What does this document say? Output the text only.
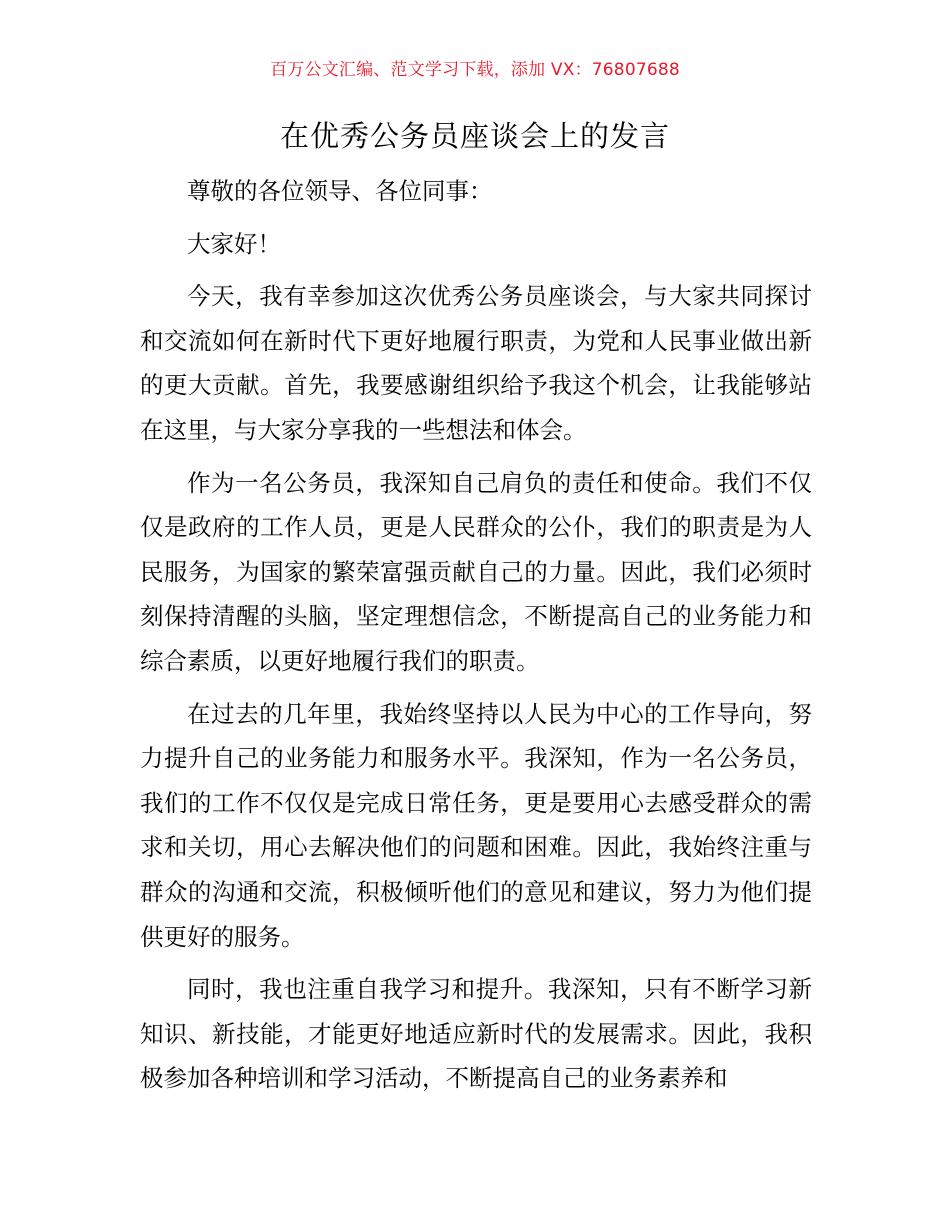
百万公文汇编、范文学习下载，添加 VX：76807688
在优秀公务员座谈会上的发言

尊敬的各位领导、各位同事：

大家好！

今天，我有幸参加这次优秀公务员座谈会，与大家共同探讨和交流如何在新时代下更好地履行职责，为党和人民事业做出新的更大贡献。首先，我要感谢组织给予我这个机会，让我能够站在这里，与大家分享我的一些想法和体会。

作为一名公务员，我深知自己肩负的责任和使命。我们不仅仅是政府的工作人员，更是人民群众的公仆，我们的职责是为人民服务，为国家的繁荣富强贡献自己的力量。因此，我们必须时刻保持清醒的头脑，坚定理想信念，不断提高自己的业务能力和综合素质，以更好地履行我们的职责。

在过去的几年里，我始终坚持以人民为中心的工作导向，努力提升自己的业务能力和服务水平。我深知，作为一名公务员，我们的工作不仅仅是完成日常任务，更是要用心去感受群众的需求和关切，用心去解决他们的问题和困难。因此，我始终注重与群众的沟通和交流，积极倾听他们的意见和建议，努力为他们提供更好的服务。

同时，我也注重自我学习和提升。我深知，只有不断学习新知识、新技能，才能更好地适应新时代的发展需求。因此，我积极参加各种培训和学习活动，不断提高自己的业务素养和
